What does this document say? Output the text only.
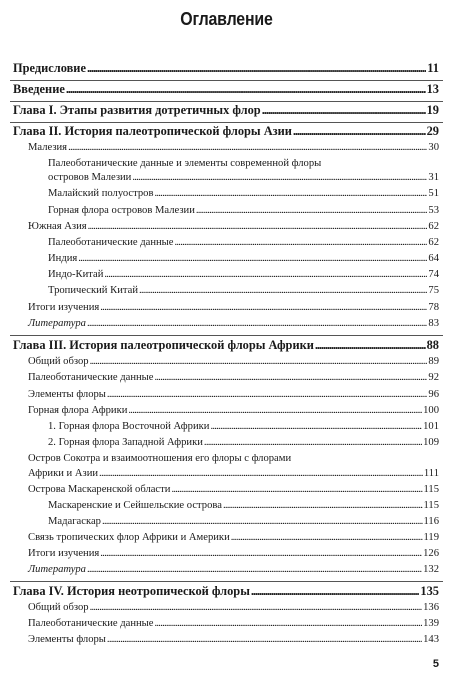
Оглавление
Предисловие . . .	11
Введение . . .	13
Глава I. Этапы развития дотретичных флор . . .	19
Глава II. История палеотропической флоры Азии . . .	29
Малезия . . .	30
Палеоботанические данные и элементы современной флоры
островов Малезии . . .	31
Малайский полуостров . . .	51
Горная флора островов Малезии . . .	53
Южная Азия . . .	62
Палеоботанические данные . . .	62
Индия . . .	64
Индо-Китай . . .	74
Тропический Китай . . .	75
Итоги изучения . . .	78
Литература . . .	83
Глава III. История палеотропической флоры Африки . . .	88
Общий обзор . . .	89
Палеоботанические данные . . .	92
Элементы флоры . . .	96
Горная флора Африки . . .	100
1. Горная флора Восточной Африки . . .	101
2. Горная флора Западной Африки . . .	109
Остров Сокотра и взаимоотношения его флоры с флорами
Африки и Азии . . .	111
Острова Маскаренской области . . .	115
Маскаренские и Сейшельские острова . . .	115
Мадагаскар . . .	116
Связь тропических флор Африки и Америки . . .	119
Итоги изучения . . .	126
Литература . . .	132
Глава IV. История неотропической флоры . . .	135
Общий обзор . . .	136
Палеоботанические данные . . .	139
Элементы флоры . . .	143
5
